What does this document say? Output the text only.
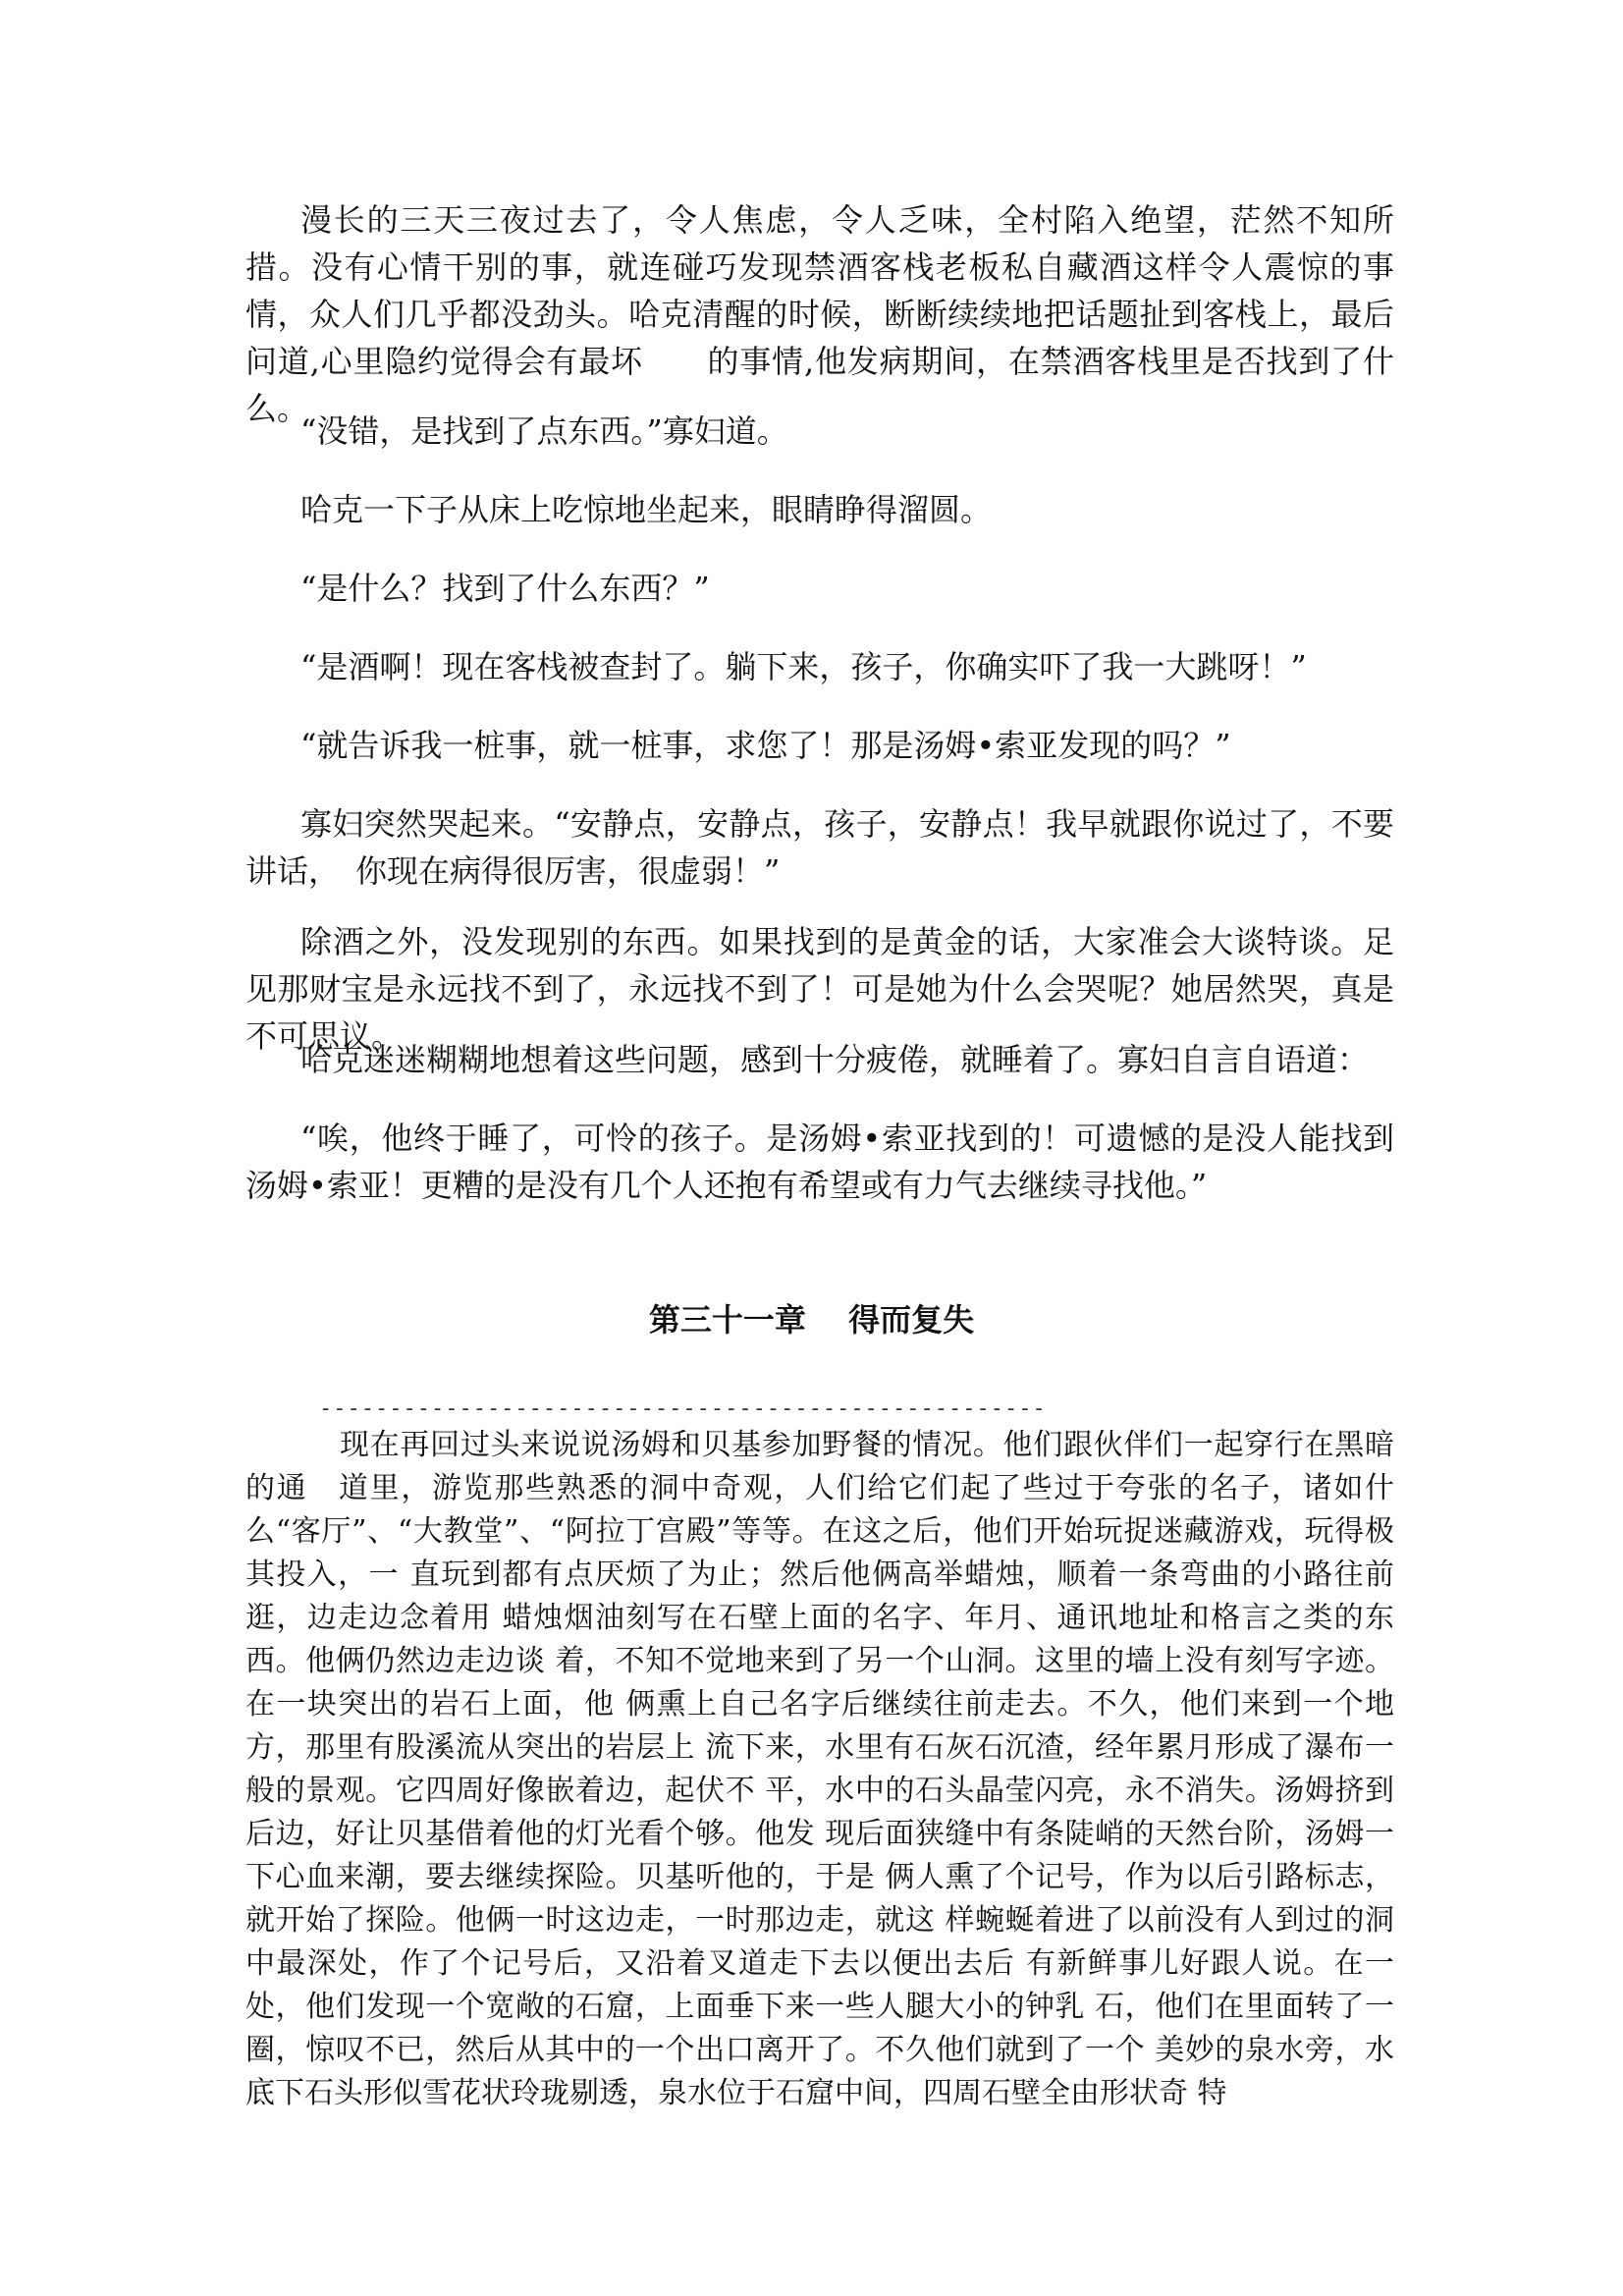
漫长的三天三夜过去了，令人焦虑，令人乏味，全村陷入绝望，茫然不知所措。没有心情干别的事，就连碰巧发现禁酒客栈老板私自藏酒这样令人震惊的事情，众人们几乎都没劲头。哈克清醒的时候，断断续续地把话题扯到客栈上，最后问道,心里隐约觉得会有最坏　　的事情,他发病期间，在禁酒客栈里是否找到了什么。

“没错，是找到了点东西。”寡妇道。

哈克一下子从床上吃惊地坐起来，眼睛睁得溜圆。

“是什么？找到了什么东西？”

“是酒啊！现在客栈被查封了。躺下来，孩子，你确实吓了我一大跳呀！”

“就告诉我一桩事，就一桩事，求您了！那是汤姆•索亚发现的吗？”

寡妇突然哭起来。“安静点，安静点，孩子，安静点！我早就跟你说过了，不要讲话，　你现在病得很厉害，很虚弱！”

除酒之外，没发现别的东西。如果找到的是黄金的话，大家准会大谈特谈。足见那财宝是永远找不到了，永远找不到了！可是她为什么会哭呢？她居然哭，真是不可思议。

哈克迷迷糊糊地想着这些问题，感到十分疲倦，就睡着了。寡妇自言自语道：

“唉，他终于睡了，可怜的孩子。是汤姆•索亚找到的！可遗憾的是没人能找到汤姆•索亚！更糟的是没有几个人还抱有希望或有力气去继续寻找他。”

第三十一章　 得而复失
----------------------------------------------------

现在再回过头来说说汤姆和贝基参加野餐的情况。他们跟伙伴们一起穿行在黑暗的通　道里，游览那些熟悉的洞中奇观，人们给它们起了些过于夸张的名子，诸如什么“客厅”、“大教堂”、“阿拉丁宫殿”等等。在这之后，他们开始玩捉迷藏游戏，玩得极其投入，一 直玩到都有点厌烦了为止；然后他俩高举蜡烛，顺着一条弯曲的小路往前逛，边走边念着用 蜡烛烟油刻写在石壁上面的名字、年月、通讯地址和格言之类的东西。他俩仍然边走边谈 着，不知不觉地来到了另一个山洞。这里的墙上没有刻写字迹。在一块突出的岩石上面，他 俩熏上自己名字后继续往前走去。不久，他们来到一个地方，那里有股溪流从突出的岩层上 流下来，水里有石灰石沉渣，经年累月形成了瀑布一般的景观。它四周好像嵌着边，起伏不 平，水中的石头晶莹闪亮，永不消失。汤姆挤到后边，好让贝基借着他的灯光看个够。他发 现后面狭缝中有条陡峭的天然台阶，汤姆一下心血来潮，要去继续探险。贝基听他的，于是 俩人熏了个记号，作为以后引路标志，就开始了探险。他俩一时这边走，一时那边走，就这 样蜿蜒着进了以前没有人到过的洞中最深处，作了个记号后，又沿着叉道走下去以便出去后 有新鲜事儿好跟人说。在一处，他们发现一个宽敞的石窟，上面垂下来一些人腿大小的钟乳 石，他们在里面转了一圈，惊叹不已，然后从其中的一个出口离开了。不久他们就到了一个 美妙的泉水旁，水底下石头形似雪花状玲珑剔透，泉水位于石窟中间，四周石壁全由形状奇 特
